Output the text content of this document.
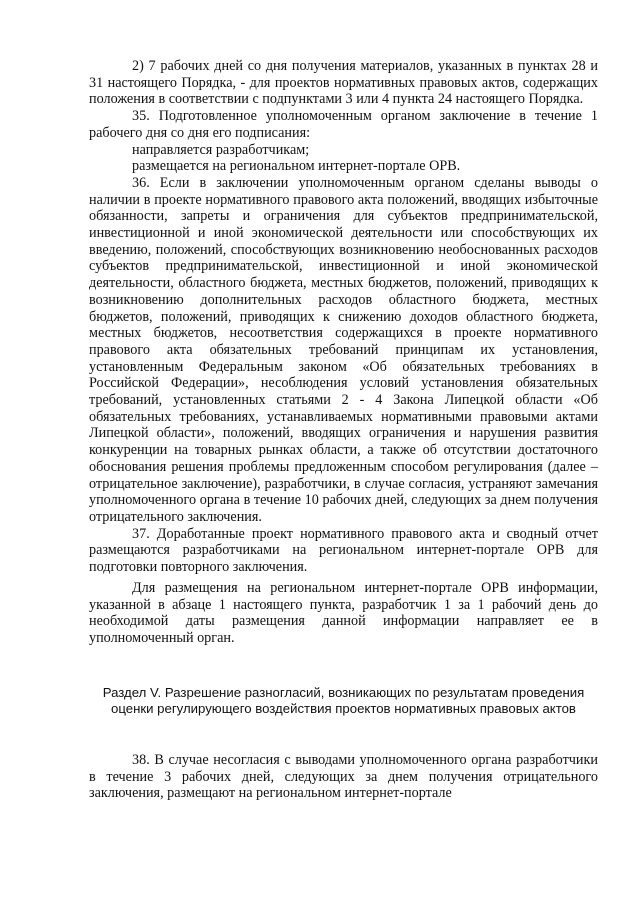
2) 7 рабочих дней со дня получения материалов, указанных в пунктах 28 и 31 настоящего Порядка, - для проектов нормативных правовых актов, содержащих положения в соответствии с подпунктами 3 или 4 пункта 24 настоящего Порядка.

35. Подготовленное уполномоченным органом заключение в течение 1 рабочего дня со дня его подписания:

направляется разработчикам;

размещается на региональном интернет-портале ОРВ.

36. Если в заключении уполномоченным органом сделаны выводы о наличии в проекте нормативного правового акта положений, вводящих избыточные обязанности, запреты и ограничения для субъектов предпринимательской, инвестиционной и иной экономической деятельности или способствующих их введению, положений, способствующих возникновению необоснованных расходов субъектов предпринимательской, инвестиционной и иной экономической деятельности, областного бюджета, местных бюджетов, положений, приводящих к возникновению дополнительных расходов областного бюджета, местных бюджетов, положений, приводящих к снижению доходов областного бюджета, местных бюджетов, несоответствия содержащихся в проекте нормативного правового акта обязательных требований принципам их установления, установленным Федеральным законом «Об обязательных требованиях в Российской Федерации», несоблюдения условий установления обязательных требований, установленных статьями 2 - 4 Закона Липецкой области «Об обязательных требованиях, устанавливаемых нормативными правовыми актами Липецкой области», положений, вводящих ограничения и нарушения развития конкуренции на товарных рынках области, а также об отсутствии достаточного обоснования решения проблемы предложенным способом регулирования (далее – отрицательное заключение), разработчики, в случае согласия, устраняют замечания уполномоченного органа в течение 10 рабочих дней, следующих за днем получения отрицательного заключения.

37. Доработанные проект нормативного правового акта и сводный отчет размещаются разработчиками на региональном интернет-портале ОРВ для подготовки повторного заключения.

Для размещения на региональном интернет-портале ОРВ информации, указанной в абзаце 1 настоящего пункта, разработчик 1 за 1 рабочий день до необходимой даты размещения данной информации направляет ее в уполномоченный орган.

Раздел V. Разрешение разногласий, возникающих по результатам проведения
оценки регулирующего воздействия проектов нормативных правовых актов

38. В случае несогласия с выводами уполномоченного органа разработчики в течение 3 рабочих дней, следующих за днем получения отрицательного заключения, размещают на региональном интернет-портале
